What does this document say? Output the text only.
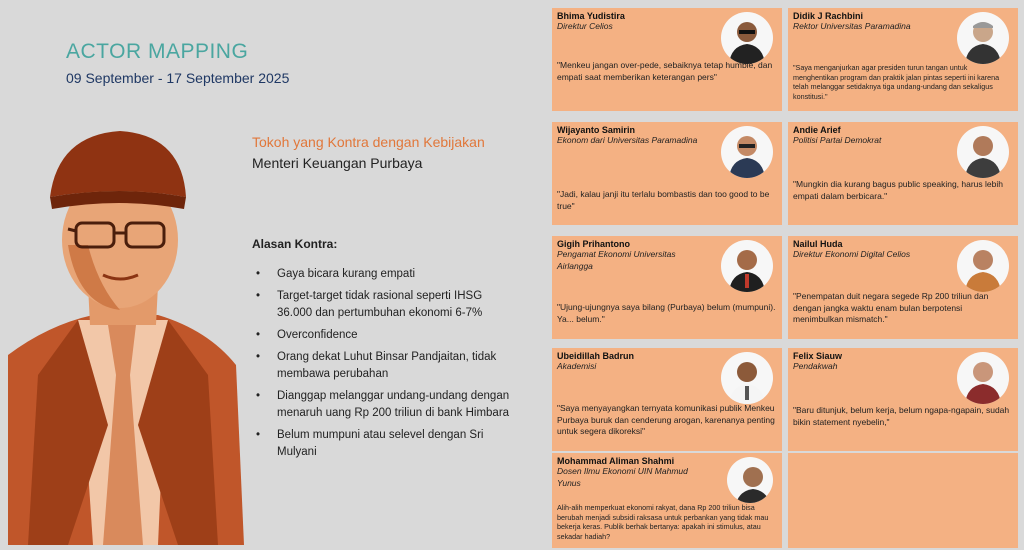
ACTOR MAPPING
09 September - 17 September 2025
Tokoh yang Kontra dengan Kebijakan
Menteri Keuangan Purbaya
Alasan Kontra:
• Gaya bicara kurang empati
• Target-target tidak rasional seperti IHSG 36.000 dan pertumbuhan ekonomi 6-7%
• Overconfidence
• Orang dekat Luhut Binsar Pandjaitan, tidak membawa perubahan
• Dianggap melanggar undang-undang dengan menaruh uang Rp 200 triliun di bank Himbara
• Belum mumpuni atau selevel dengan Sri Mulyani
Bhima Yudistira
Direktur Celios
"Menkeu jangan over-pede, sebaiknya tetap humble, dan empati saat memberikan keterangan pers"
Didik J Rachbini
Rektor Universitas Paramadina
"Saya menganjurkan agar presiden turun tangan untuk menghentikan program dan praktik jalan pintas seperti ini karena telah melanggar setidaknya tiga undang-undang dan sekaligus konstitusi."
Wijayanto Samirin
Ekonom dari Universitas Paramadina
"Jadi, kalau janji itu terlalu bombastis dan too good to be true"
Andie Arief
Politisi Partai Demokrat
"Mungkin dia kurang bagus public speaking, harus lebih empati dalam berbicara."
Gigih Prihantono
Pengamat Ekonomi Universitas Airlangga
"Ujung-ujungnya saya bilang (Purbaya) belum (mumpuni). Ya... belum."
Nailul Huda
Direktur Ekonomi Digital Celios
"Penempatan duit negara segede Rp 200 triliun dan dengan jangka waktu enam bulan berpotensi menimbulkan mismatch."
Ubeidillah Badrun
Akademisi
"Saya menyayangkan ternyata komunikasi publik Menkeu Purbaya buruk dan cenderung arogan, karenanya penting untuk segera dikoreksi"
Felix Siauw
Pendakwah
"Baru ditunjuk, belum kerja, belum ngapa-ngapain, sudah bikin statement nyebelin,"
Mohammad Aliman Shahmi
Dosen Ilmu Ekonomi UIN Mahmud Yunus
Alih-alih memperkuat ekonomi rakyat, dana Rp 200 triliun bisa berubah menjadi subsidi raksasa untuk perbankan yang tidak mau bekerja keras. Publik berhak bertanya: apakah ini stimulus, atau sekadar hadiah?
